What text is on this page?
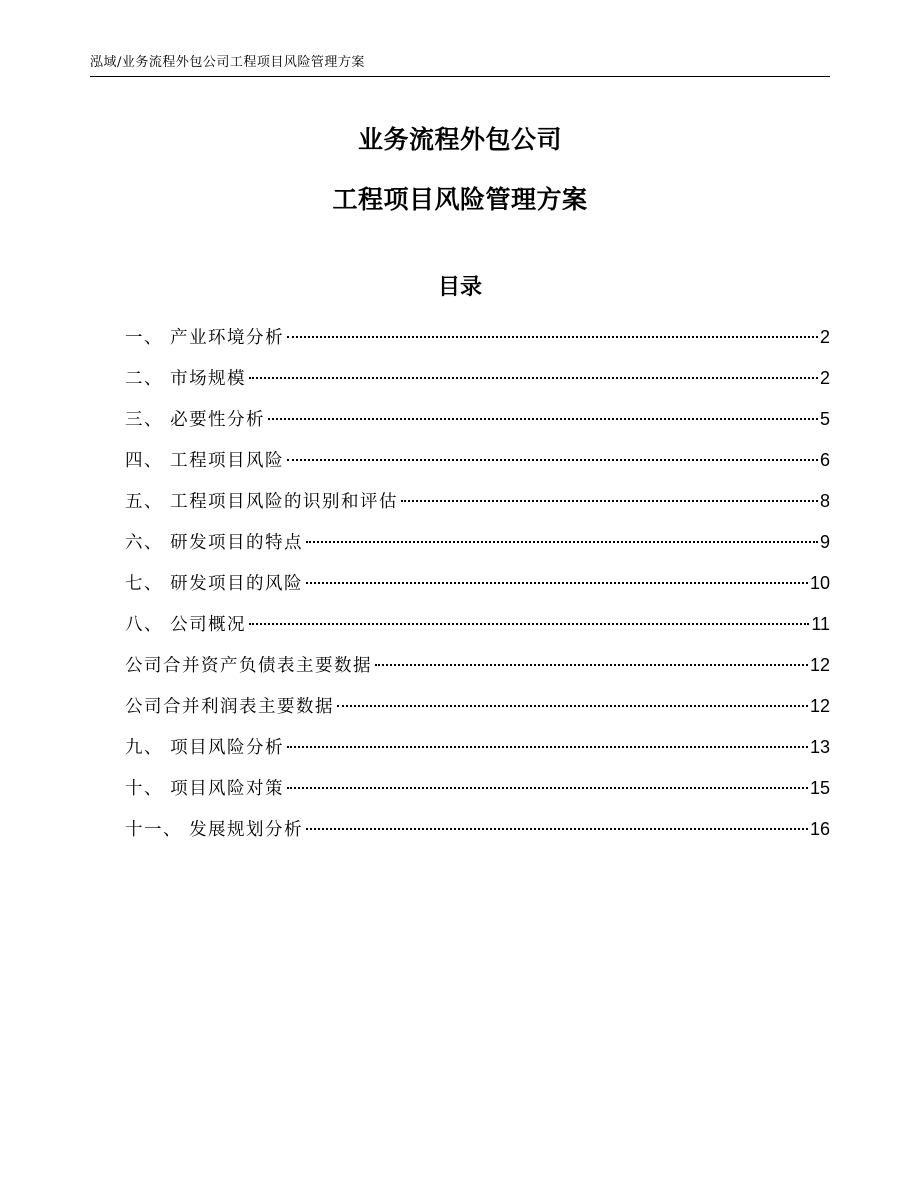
泓域/业务流程外包公司工程项目风险管理方案
业务流程外包公司
工程项目风险管理方案
目录
一、 产业环境分析	2
二、 市场规模	2
三、 必要性分析	5
四、 工程项目风险	6
五、 工程项目风险的识别和评估	8
六、 研发项目的特点	9
七、 研发项目的风险	10
八、 公司概况	11
公司合并资产负债表主要数据	12
公司合并利润表主要数据	12
九、 项目风险分析	13
十、 项目风险对策	15
十一、 发展规划分析	16
